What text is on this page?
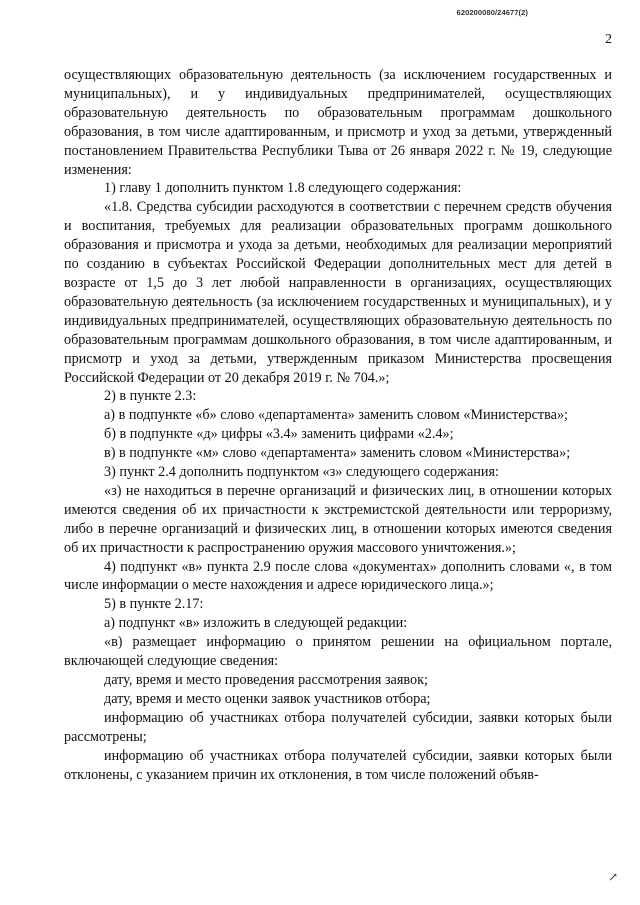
620200080/24677(2)
2

осуществляющих образовательную деятельность (за исключением государственных и муниципальных), и у индивидуальных предпринимателей, осуществляющих образовательную деятельность по образовательным программам дошкольного образования, в том числе адаптированным, и присмотр и уход за детьми, утвержденный постановлением Правительства Республики Тыва от 26 января 2022 г. № 19, следующие изменения:

1) главу 1 дополнить пунктом 1.8 следующего содержания:

«1.8. Средства субсидии расходуются в соответствии с перечнем средств обучения и воспитания, требуемых для реализации образовательных программ дошкольного образования и присмотра и ухода за детьми, необходимых для реализации мероприятий по созданию в субъектах Российской Федерации дополнительных мест для детей в возрасте от 1,5 до 3 лет любой направленности в организациях, осуществляющих образовательную деятельность (за исключением государственных и муниципальных), и у индивидуальных предпринимателей, осуществляющих образовательную деятельность по образовательным программам дошкольного образования, в том числе адаптированным, и присмотр и уход за детьми, утвержденным приказом Министерства просвещения Российской Федерации от 20 декабря 2019 г. № 704.»;

2) в пункте 2.3:

а) в подпункте «б» слово «департамента» заменить словом «Министерства»;

б) в подпункте «д» цифры «3.4» заменить цифрами «2.4»;

в) в подпункте «м» слово «департамента» заменить словом «Министерства»;

3) пункт 2.4 дополнить подпунктом «з» следующего содержания:

«з) не находиться в перечне организаций и физических лиц, в отношении которых имеются сведения об их причастности к экстремистской деятельности или терроризму, либо в перечне организаций и физических лиц, в отношении которых имеются сведения об их причастности к распространению оружия массового уничтожения.»;

4) подпункт «в» пункта 2.9 после слова «документах» дополнить словами «, в том числе информации о месте нахождения и адресе юридического лица.»;

5) в пункте 2.17:

а) подпункт «в» изложить в следующей редакции:

«в) размещает информацию о принятом решении на официальном портале, включающей следующие сведения:

дату, время и место проведения рассмотрения заявок;

дату, время и место оценки заявок участников отбора;

информацию об участниках отбора получателей субсидии, заявки которых были рассмотрены;

информацию об участниках отбора получателей субсидии, заявки которых были отклонены, с указанием причин их отклонения, в том числе положений объяв-

↗
